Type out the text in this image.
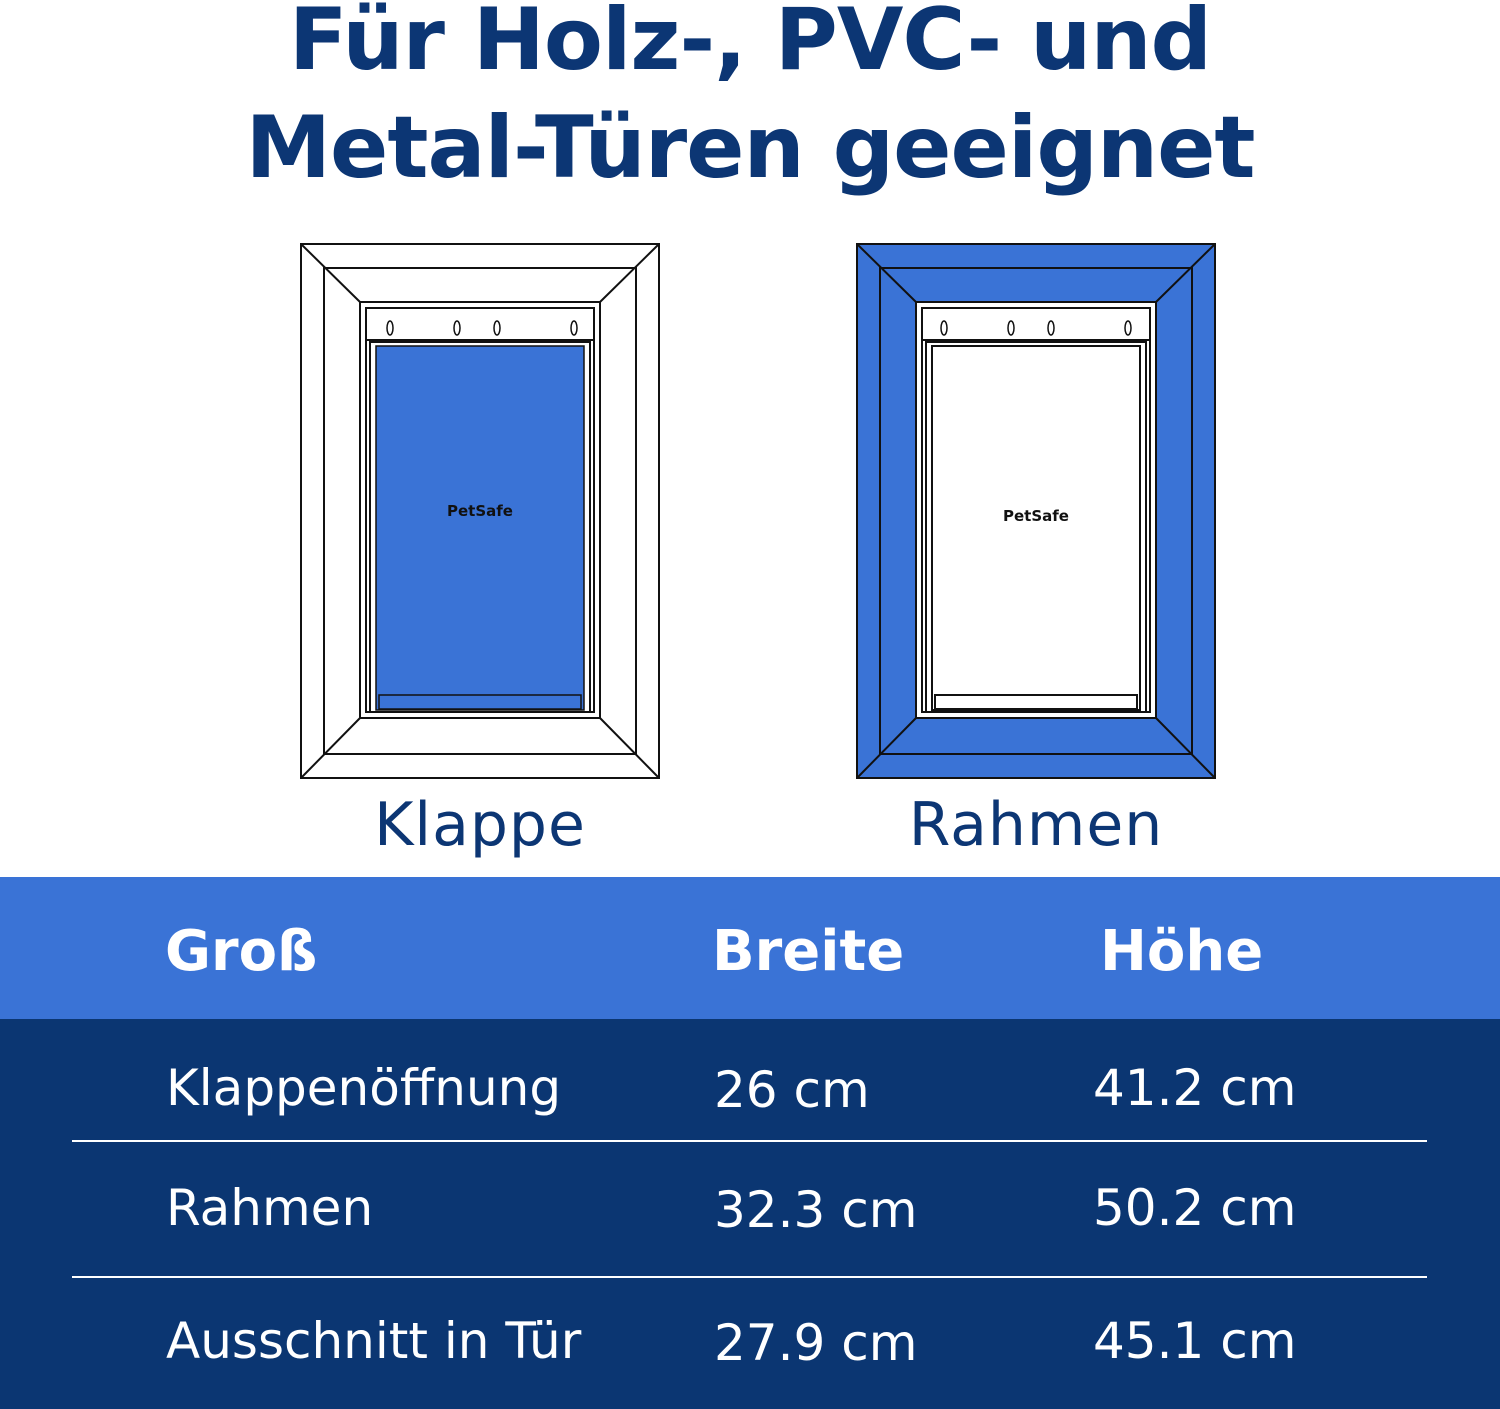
Für Holz-, PVC- und
Metal-Türen geeignet
PetSafe	PetSafe
Klappe	Rahmen
Groß	Breite	Höhe
Klappenöffnung	26 cm	41.2 cm
Rahmen	32.3 cm	50.2 cm
Ausschnitt in Tür	27.9 cm	45.1 cm
